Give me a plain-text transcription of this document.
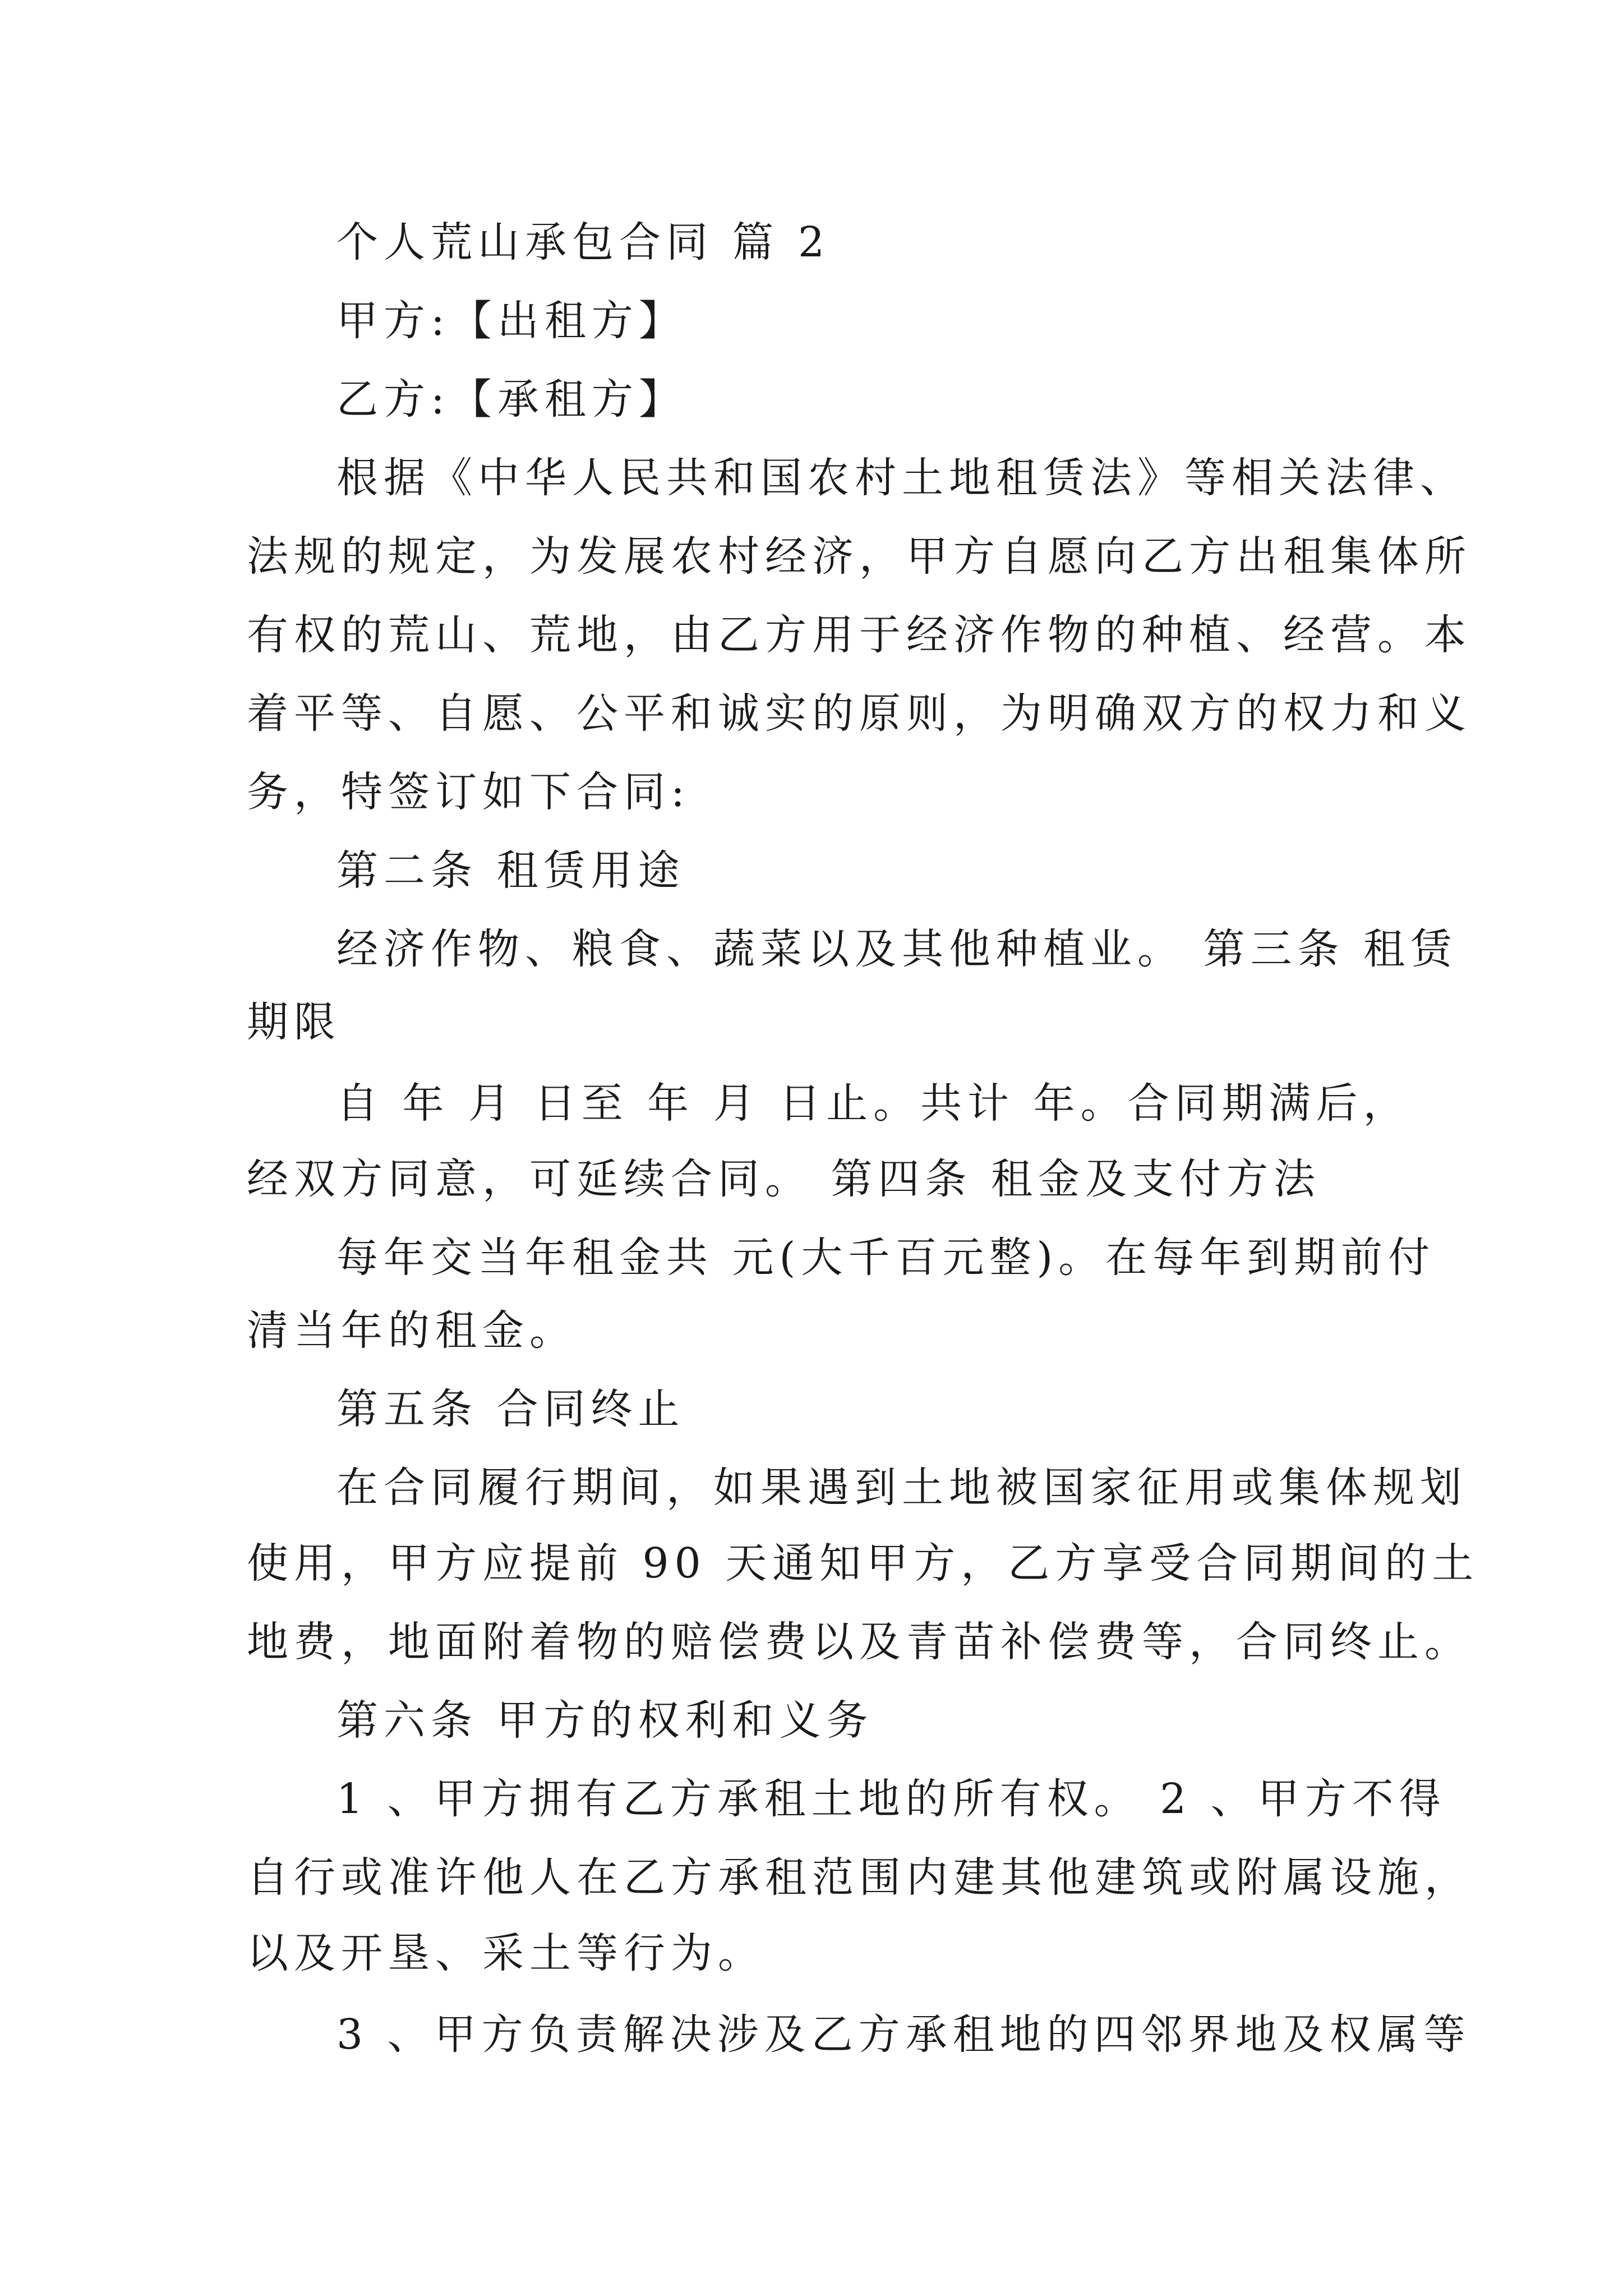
个人荒山承包合同 篇 2

甲方:【出租方】

乙方:【承租方】

根据《中华人民共和国农村土地租赁法》等相关法律、

法规的规定，为发展农村经济，甲方自愿向乙方出租集体所

有权的荒山、荒地，由乙方用于经济作物的种植、经营。本

着平等、自愿、公平和诚实的原则，为明确双方的权力和义

务，特签订如下合同:

第二条 租赁用途

经济作物、粮食、蔬菜以及其他种植业。 第三条 租赁

期限

自 年 月 日至 年 月 日止。共计 年。合同期满后，

经双方同意，可延续合同。 第四条 租金及支付方法

每年交当年租金共 元(大千百元整)。在每年到期前付

清当年的租金。

第五条 合同终止

在合同履行期间，如果遇到土地被国家征用或集体规划

使用，甲方应提前 90 天通知甲方，乙方享受合同期间的土

地费，地面附着物的赔偿费以及青苗补偿费等，合同终止。

第六条 甲方的权利和义务

1 、甲方拥有乙方承租土地的所有权。 2 、甲方不得

自行或准许他人在乙方承租范围内建其他建筑或附属设施，

以及开垦、采土等行为。

3 、甲方负责解决涉及乙方承租地的四邻界地及权属等
